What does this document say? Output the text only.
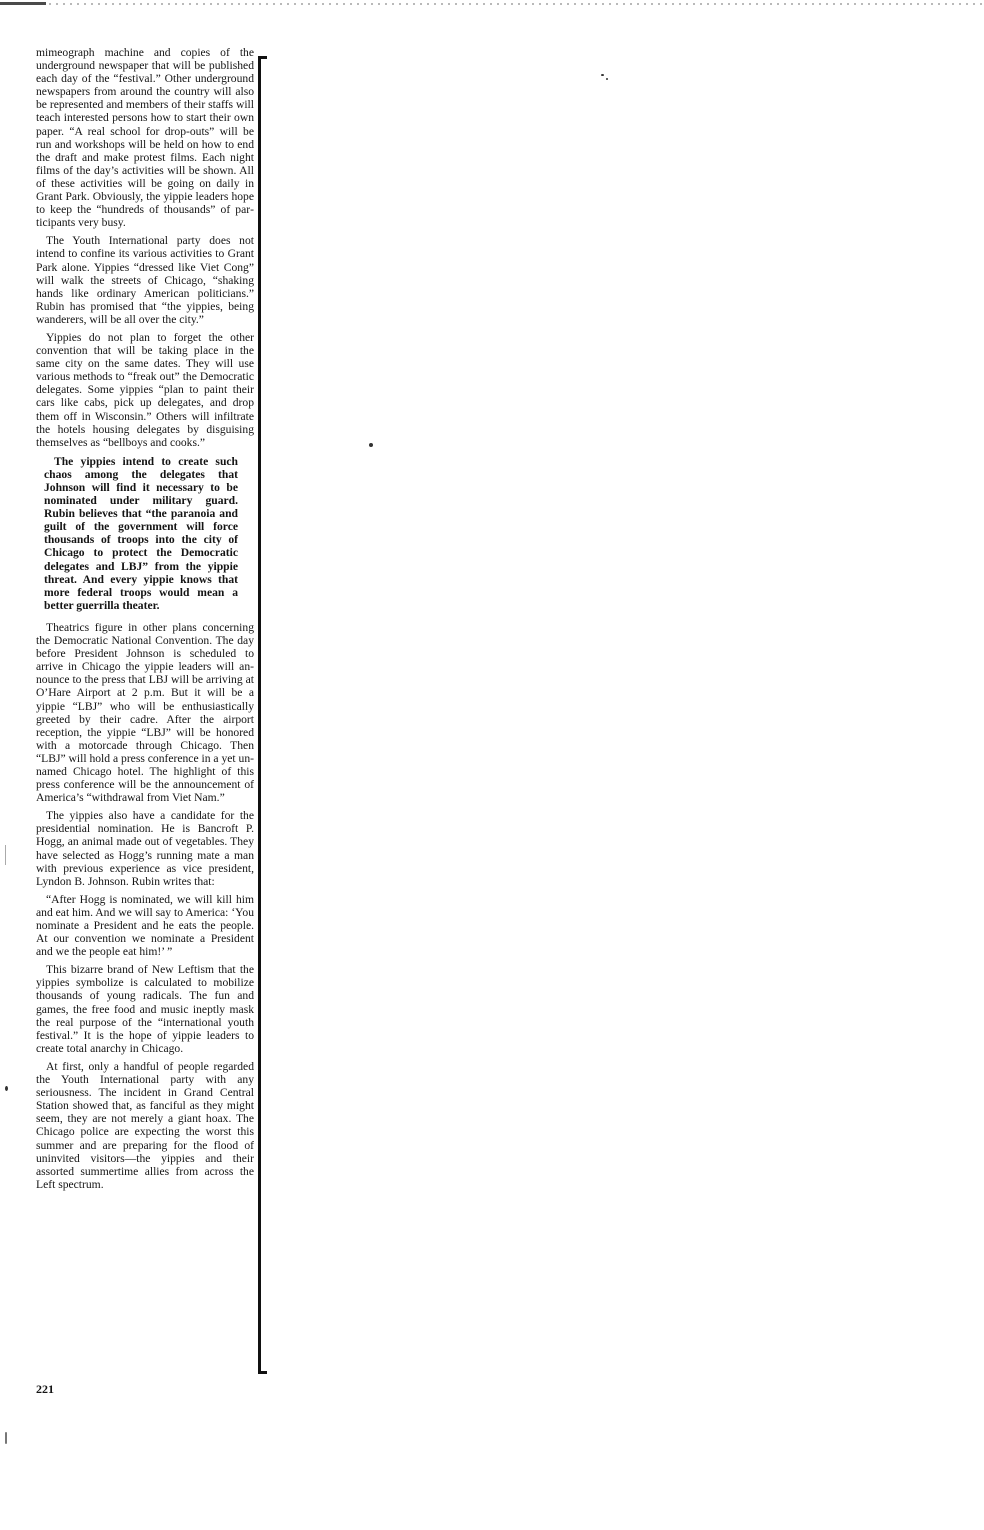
mimeograph machine and copies of the underground newspaper that will be published each day of the “festival.” Other underground newspapers from around the country will also be represented and members of their staffs will teach interested persons how to start their own paper. “A real school for drop-outs” will be run and workshops will be held on how to end the draft and make protest films. Each night films of the day’s activities will be shown. All of these activities will be going on daily in Grant Park. Obviously, the yippie leaders hope to keep the “hundreds of thousands” of participants very busy.

The Youth International party does not intend to confine its various activities to Grant Park alone. Yippies “dressed like Viet Cong” will walk the streets of Chicago, “shaking hands like ordinary American politicians.” Rubin has promised that “the yippies, being wanderers, will be all over the city.”

Yippies do not plan to forget the other convention that will be taking place in the same city on the same dates. They will use various methods to “freak out” the Democratic delegates. Some yippies “plan to paint their cars like cabs, pick up delegates, and drop them off in Wisconsin.” Others will infiltrate the hotels housing delegates by disguising themselves as “bellboys and cooks.”

The yippies intend to create such chaos among the delegates that Johnson will find it necessary to be nominated under military guard. Rubin believes that “the paranoia and guilt of the government will force thousands of troops into the city of Chicago to protect the Democratic delegates and LBJ” from the yippie threat. And every yippie knows that more federal troops would mean a better guerrilla theater.

Theatrics figure in other plans concerning the Democratic National Convention. The day before President Johnson is scheduled to arrive in Chicago the yippie leaders will announce to the press that LBJ will be arriving at O’Hare Airport at 2 p.m. But it will be a yippie “LBJ” who will be enthusiastically greeted by their cadre. After the airport reception, the yippie “LBJ” will be honored with a motorcade through Chicago. Then “LBJ” will hold a press conference in a yet un-named Chicago hotel. The highlight of this press conference will be the announcement of America’s “withdrawal from Viet Nam.”

The yippies also have a candidate for the presidential nomination. He is Bancroft P. Hogg, an animal made out of vegetables. They have selected as Hogg’s running mate a man with previous experience as vice president, Lyndon B. Johnson. Rubin writes that:

“After Hogg is nominated, we will kill him and eat him. And we will say to America: ‘You nominate a President and he eats the people. At our convention we nominate a President and we the people eat him!’ ”

This bizarre brand of New Leftism that the yippies symbolize is calculated to mobilize thousands of young radicals. The fun and games, the free food and music ineptly mask the real purpose of the “international youth festival.” It is the hope of yippie leaders to create total anarchy in Chicago.

At first, only a handful of people regarded the Youth International party with any seriousness. The incident in Grand Central Station showed that, as fanciful as they might seem, they are not merely a giant hoax. The Chicago police are expecting the worst this summer and are preparing for the flood of uninvited visitors—the yippies and their assorted summertime allies from across the Left spectrum.

221
